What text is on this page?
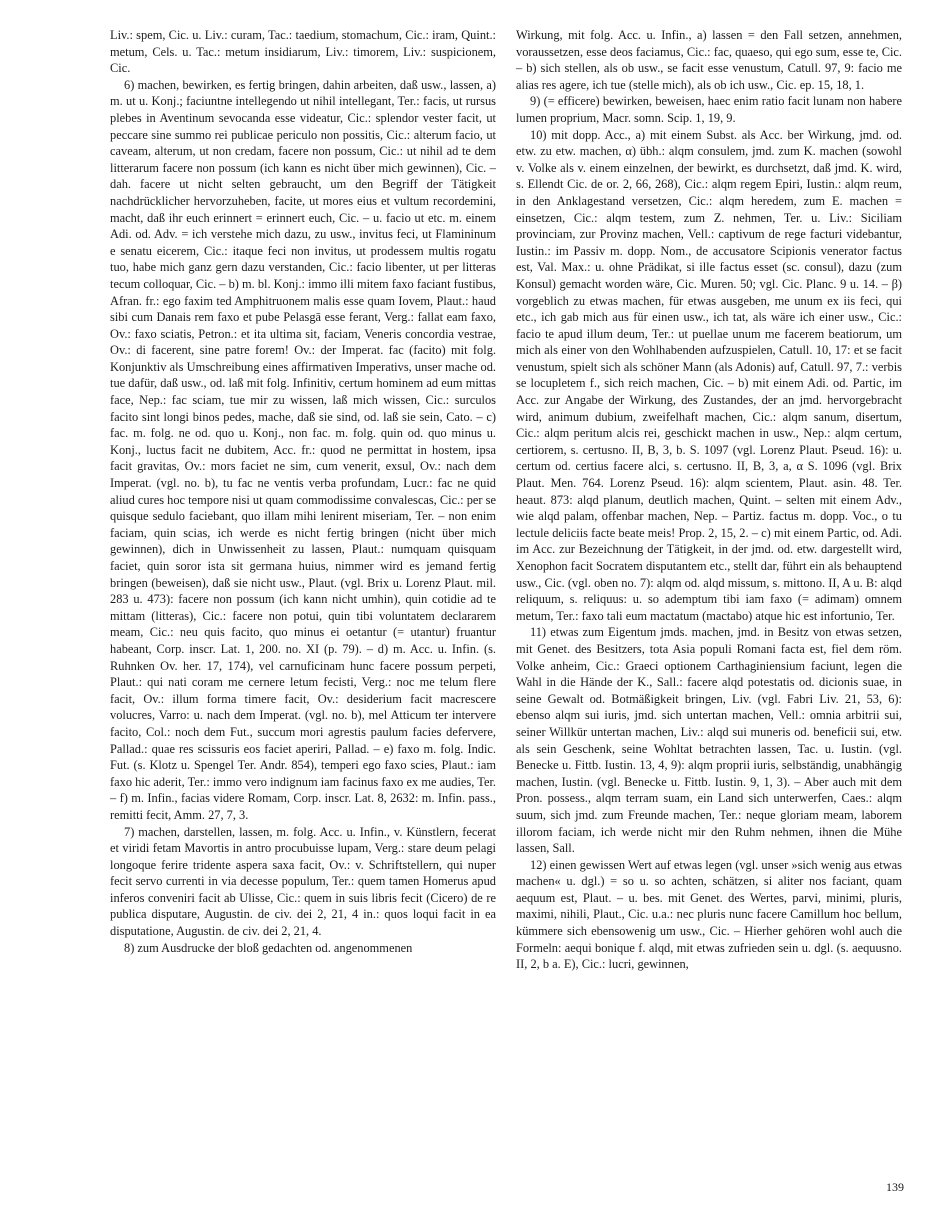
Liv.: spem, Cic. u. Liv.: curam, Tac.: taedium, stomachum, Cic.: iram, Quint.: metum, Cels. u. Tac.: metum insidiarum, Liv.: timorem, Liv.: suspicionem, Cic.

6) machen, bewirken, es fertig bringen, dahin arbeiten, daß usw., lassen, a) m. ut u. Konj.; faciuntne intellegendo ut nihil intellegant, Ter.: facis, ut rursus plebes in Aventinum sevocanda esse videatur, Cic.: splendor vester facit, ut peccare sine summo rei publicae periculo non possitis, Cic.: alterum facio, ut caveam, alterum, ut non credam, facere non possum, Cic.: ut nihil ad te dem litterarum facere non possum (ich kann es nicht über mich gewinnen), Cic. – dah. facere ut nicht selten gebraucht, um den Begriff der Tätigkeit nachdrücklicher hervorzuheben, facite, ut mores eius et vultum recordemini, macht, daß ihr euch erinnert = erinnert euch, Cic. – u. facio ut etc. m. einem Adi. od. Adv. = ich verstehe mich dazu, zu usw., invitus feci, ut Flamininum e senatu eicerem, Cic.: itaque feci non invitus, ut prodessem multis rogatu tuo, habe mich ganz gern dazu verstanden, Cic.: facio libenter, ut per litteras tecum colloquar, Cic. – b) m. bl. Konj.: immo illi mitem faxo faciant fustibus, Afran. fr.: ego faxim ted Amphitruonem malis esse quam Iovem, Plaut.: haud sibi cum Danais rem faxo et pube Pelasgā esse ferant, Verg.: fallat eam faxo, Ov.: faxo sciatis, Petron.: et ita ultima sit, faciam, Veneris concordia vestrae, Ov.: di facerent, sine patre forem! Ov.: der Imperat. fac (facito) mit folg. Konjunktiv als Umschreibung eines affirmativen Imperativs, unser mache od. tue dafür, daß usw., od. laß mit folg. Infinitiv, certum hominem ad eum mittas face, Nep.: fac sciam, tue mir zu wissen, laß mich wissen, Cic.: surculos facito sint longi binos pedes, mache, daß sie sind, od. laß sie sein, Cato. – c) fac. m. folg. ne od. quo u. Konj., non fac. m. folg. quin od. quo minus u. Konj., luctus facit ne dubitem, Acc. fr.: quod ne permittat in hostem, ipsa facit gravitas, Ov.: mors faciet ne sim, cum venerit, exsul, Ov.: nach dem Imperat. (vgl. no. b), tu fac ne ventis verba profundam, Lucr.: fac ne quid aliud cures hoc tempore nisi ut quam commodissime convalescas, Cic.: per se quisque sedulo faciebant, quo illam mihi lenirent miseriam, Ter. – non enim faciam, quin scias, ich werde es nicht fertig bringen (nicht über mich gewinnen), dich in Unwissenheit zu lassen, Plaut.: numquam quisquam faciet, quin soror ista sit germana huius, nimmer wird es jemand fertig bringen (beweisen), daß sie nicht usw., Plaut. (vgl. Brix u. Lorenz Plaut. mil. 283 u. 473): facere non possum (ich kann nicht umhin), quin cotidie ad te mittam (litteras), Cic.: facere non potui, quin tibi voluntatem declararem meam, Cic.: neu quis facito, quo minus ei oetantur (= utantur) fruantur habeant, Corp. inscr. Lat. 1, 200. no. XI (p. 79). – d) m. Acc. u. Infin. (s. Ruhnken Ov. her. 17, 174), vel carnuficinam hunc facere possum perpeti, Plaut.: qui nati coram me cernere letum fecisti, Verg.: noc me telum flere facit, Ov.: illum forma timere facit, Ov.: desiderium facit macrescere volucres, Varro: u. nach dem Imperat. (vgl. no. b), mel Atticum ter intervere facito, Col.: noch dem Fut., succum mori agrestis paulum facies defervere, Pallad.: quae res scissuris eos faciet aperiri, Pallad. – e) faxo m. folg. Indic. Fut. (s. Klotz u. Spengel Ter. Andr. 854), temperi ego faxo scies, Plaut.: iam faxo hic aderit, Ter.: immo vero indignum iam facinus faxo ex me audies, Ter. – f) m. Infin., facias videre Romam, Corp. inscr. Lat. 8, 2632: m. Infin. pass., remitti fecit, Amm. 27, 7, 3.

7) machen, darstellen, lassen, m. folg. Acc. u. Infin., v. Künstlern, fecerat et viridi fetam Mavortis in antro procubuisse lupam, Verg.: stare deum pelagi longoque ferire tridente aspera saxa facit, Ov.: v. Schriftstellern, qui nuper fecit servo currenti in via decesse populum, Ter.: quem tamen Homerus apud inferos conveniri facit ab Ulisse, Cic.: quem in suis libris fecit (Cicero) de re publica disputare, Augustin. de civ. dei 2, 21, 4 in.: quos loqui facit in ea disputatione, Augustin. de civ. dei 2, 21, 4.

8) zum Ausdrucke der bloß gedachten od. angenommenen

Wirkung, mit folg. Acc. u. Infin., a) lassen = den Fall setzen, annehmen, voraussetzen, esse deos faciamus, Cic.: fac, quaeso, qui ego sum, esse te, Cic. – b) sich stellen, als ob usw., se facit esse venustum, Catull. 97, 9: facio me alias res agere, ich tue (stelle mich), als ob ich usw., Cic. ep. 15, 18, 1.

9) (= efficere) bewirken, beweisen, haec enim ratio facit lunam non habere lumen proprium, Macr. somn. Scip. 1, 19, 9.

10) mit dopp. Acc., a) mit einem Subst. als Acc. ber Wirkung, jmd. od. etw. zu etw. machen, α) übh.: alqm consulem, jmd. zum K. machen (sowohl v. Volke als v. einem einzelnen, der bewirkt, es durchsetzt, daß jmd. K. wird, s. Ellendt Cic. de or. 2, 66, 268), Cic.: alqm regem Epiri, Iustin.: alqm reum, in den Anklagestand versetzen, Cic.: alqm heredem, zum E. machen = einsetzen, Cic.: alqm testem, zum Z. nehmen, Ter. u. Liv.: Siciliam provinciam, zur Provinz machen, Vell.: captivum de rege facturi videbantur, Iustin.: im Passiv m. dopp. Nom., de accusatore Scipionis venerator factus est, Val. Max.: u. ohne Prädikat, si ille factus esset (sc. consul), dazu (zum Konsul) gemacht worden wäre, Cic. Muren. 50; vgl. Cic. Planc. 9 u. 14. – β) vorgeblich zu etwas machen, für etwas ausgeben, me unum ex iis feci, qui etc., ich gab mich aus für einen usw., ich tat, als wäre ich einer usw., Cic.: facio te apud illum deum, Ter.: ut puellae unum me facerem beatiorum, um mich als einer von den Wohlhabenden aufzuspielen, Catull. 10, 17: et se facit venustum, spielt sich als schöner Mann (als Adonis) auf, Catull. 97, 7.: verbis se locupletem f., sich reich machen, Cic. – b) mit einem Adi. od. Partic, im Acc. zur Angabe der Wirkung, des Zustandes, der an jmd. hervorgebracht wird, animum dubium, zweifelhaft machen, Cic.: alqm sanum, disertum, Cic.: alqm peritum alcis rei, geschickt machen in usw., Nep.: alqm certum, certiorem, s. certusno. II, B, 3, b. S. 1097 (vgl. Lorenz Plaut. Pseud. 16): u. certum od. certius facere alci, s. certusno. II, B, 3, a, α S. 1096 (vgl. Brix Plaut. Men. 764. Lorenz Pseud. 16): alqm scientem, Plaut. asin. 48. Ter. heaut. 873: alqd planum, deutlich machen, Quint. – selten mit einem Adv., wie alqd palam, offenbar machen, Nep. – Partiz. factus m. dopp. Voc., o tu lectule deliciis facte beate meis! Prop. 2, 15, 2. – c) mit einem Partic, od. Adi. im Acc. zur Bezeichnung der Tätigkeit, in der jmd. od. etw. dargestellt wird, Xenophon facit Socratem disputantem etc., stellt dar, führt ein als behauptend usw., Cic. (vgl. oben no. 7): alqm od. alqd missum, s. mittono. II, A u. B: alqd reliquum, s. reliquus: u. so ademptum tibi iam faxo (= adimam) omnem metum, Ter.: faxo tali eum mactatum (mactabo) atque hic est infortunio, Ter.

11) etwas zum Eigentum jmds. machen, jmd. in Besitz von etwas setzen, mit Genet. des Besitzers, tota Asia populi Romani facta est, fiel dem röm. Volke anheim, Cic.: Graeci optionem Carthaginiensium faciunt, legen die Wahl in die Hände der K., Sall.: facere alqd potestatis od. dicionis suae, in seine Gewalt od. Botmäßigkeit bringen, Liv. (vgl. Fabri Liv. 21, 53, 6): ebenso alqm sui iuris, jmd. sich untertan machen, Vell.: omnia arbitrii sui, seiner Willkür untertan machen, Liv.: alqd sui muneris od. beneficii sui, etw. als sein Geschenk, seine Wohltat betrachten lassen, Tac. u. Iustin. (vgl. Benecke u. Fittb. Iustin. 13, 4, 9): alqm proprii iuris, selbständig, unabhängig machen, Iustin. (vgl. Benecke u. Fittb. Iustin. 9, 1, 3). – Aber auch mit dem Pron. possess., alqm terram suam, ein Land sich unterwerfen, Caes.: alqm suum, sich jmd. zum Freunde machen, Ter.: neque gloriam meam, laborem illorom faciam, ich werde nicht mir den Ruhm nehmen, ihnen die Mühe lassen, Sall.

12) einen gewissen Wert auf etwas legen (vgl. unser »sich wenig aus etwas machen« u. dgl.) = so u. so achten, schätzen, si aliter nos faciant, quam aequum est, Plaut. – u. bes. mit Genet. des Wertes, parvi, minimi, pluris, maximi, nihili, Plaut., Cic. u.a.: nec pluris nunc facere Camillum hoc bellum, kümmere sich ebensowenig um usw., Cic. – Hierher gehören wohl auch die Formeln: aequi bonique f. alqd, mit etwas zufrieden sein u. dgl. (s. aequusno. II, 2, b a. E), Cic.: lucri, gewinnen,

139
